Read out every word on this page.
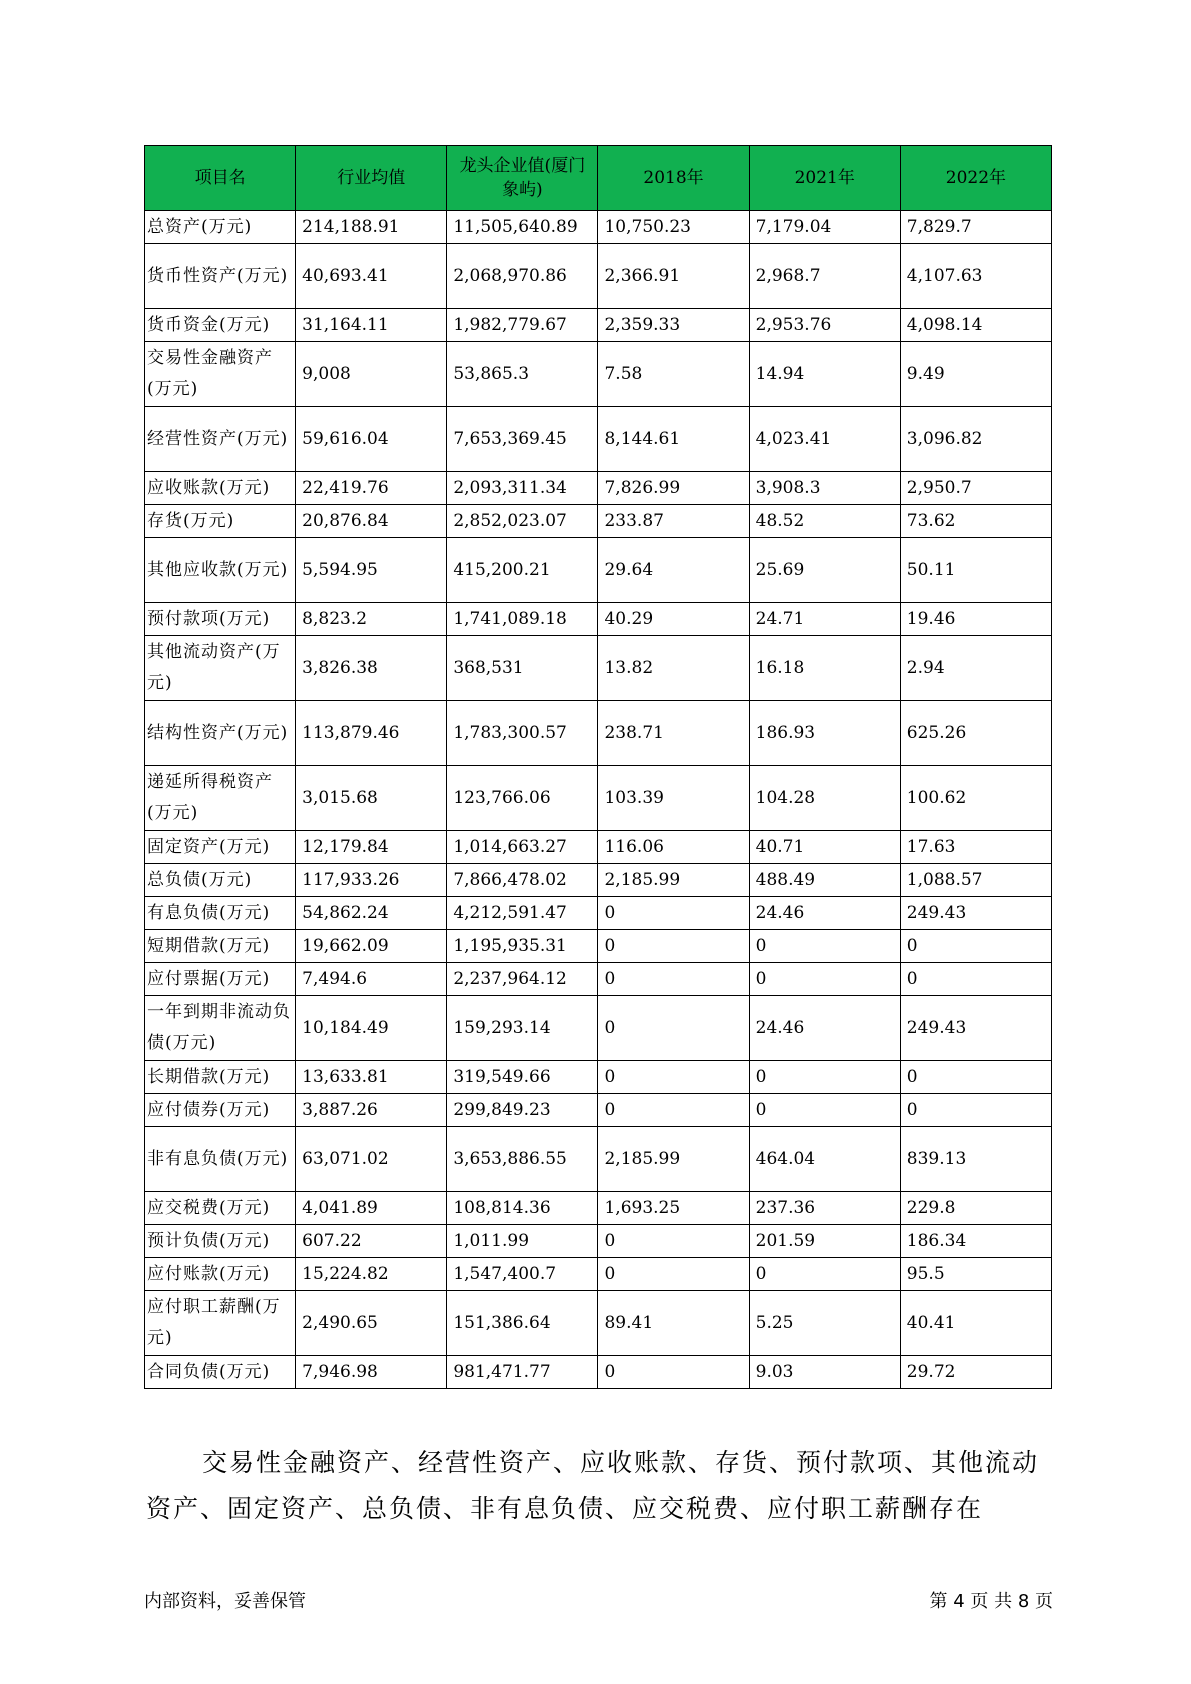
项目名	行业均值	龙头企业值(厦门象屿)	2018年	2021年	2022年
总资产(万元)	214,188.91	11,505,640.89	10,750.23	7,179.04	7,829.7
货币性资产(万元)	40,693.41	2,068,970.86	2,366.91	2,968.7	4,107.63
货币资金(万元)	31,164.11	1,982,779.67	2,359.33	2,953.76	4,098.14
交易性金融资产(万元)	9,008	53,865.3	7.58	14.94	9.49
经营性资产(万元)	59,616.04	7,653,369.45	8,144.61	4,023.41	3,096.82
应收账款(万元)	22,419.76	2,093,311.34	7,826.99	3,908.3	2,950.7
存货(万元)	20,876.84	2,852,023.07	233.87	48.52	73.62
其他应收款(万元)	5,594.95	415,200.21	29.64	25.69	50.11
预付款项(万元)	8,823.2	1,741,089.18	40.29	24.71	19.46
其他流动资产(万元)	3,826.38	368,531	13.82	16.18	2.94
结构性资产(万元)	113,879.46	1,783,300.57	238.71	186.93	625.26
递延所得税资产(万元)	3,015.68	123,766.06	103.39	104.28	100.62
固定资产(万元)	12,179.84	1,014,663.27	116.06	40.71	17.63
总负债(万元)	117,933.26	7,866,478.02	2,185.99	488.49	1,088.57
有息负债(万元)	54,862.24	4,212,591.47	0	24.46	249.43
短期借款(万元)	19,662.09	1,195,935.31	0	0	0
应付票据(万元)	7,494.6	2,237,964.12	0	0	0
一年到期非流动负债(万元)	10,184.49	159,293.14	0	24.46	249.43
长期借款(万元)	13,633.81	319,549.66	0	0	0
应付债券(万元)	3,887.26	299,849.23	0	0	0
非有息负债(万元)	63,071.02	3,653,886.55	2,185.99	464.04	839.13
应交税费(万元)	4,041.89	108,814.36	1,693.25	237.36	229.8
预计负债(万元)	607.22	1,011.99	0	201.59	186.34
应付账款(万元)	15,224.82	1,547,400.7	0	0	95.5
应付职工薪酬(万元)	2,490.65	151,386.64	89.41	5.25	40.41
合同负债(万元)	7,946.98	981,471.77	0	9.03	29.72
交易性金融资产、经营性资产、应收账款、存货、预付款项、其他流动资产、固定资产、总负债、非有息负债、应交税费、应付职工薪酬存在
内部资料，妥善保管	第 4 页 共 8 页
